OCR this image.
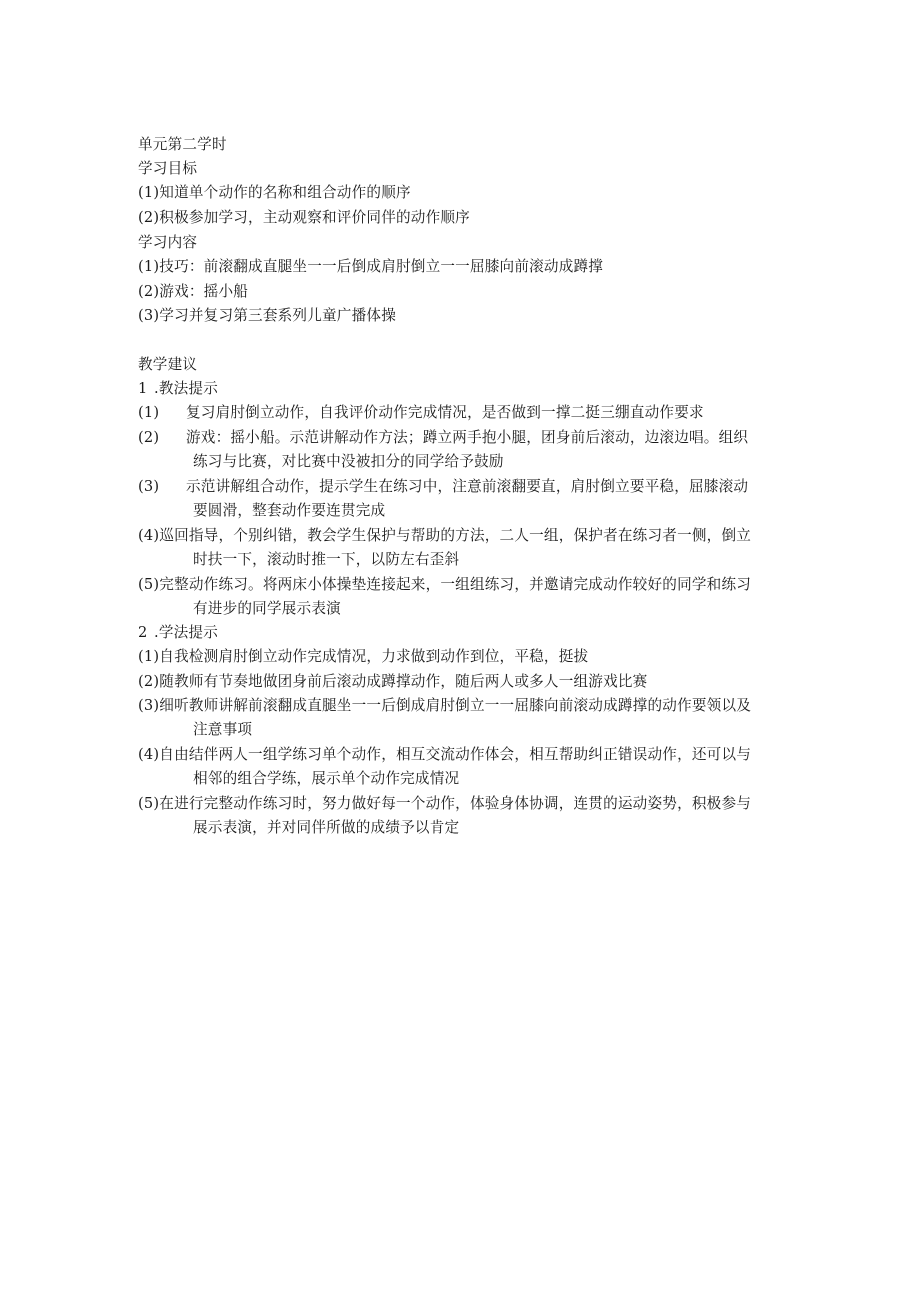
单元第二学时
学习目标
(1)知道单个动作的名称和组合动作的顺序
(2)积极参加学习，主动观察和评价同伴的动作顺序
学习内容
(1)技巧：前滚翻成直腿坐一一后倒成肩肘倒立一一屈膝向前滚动成蹲撑
(2)游戏：摇小船
(3)学习并复习第三套系列儿童广播体操
教学建议
1 .教法提示
(1) 复习肩肘倒立动作，自我评价动作完成情况，是否做到一撑二挺三绷直动作要求
(2) 游戏：摇小船。示范讲解动作方法；蹲立两手抱小腿，团身前后滚动，边滚边唱。组织
练习与比赛，对比赛中没被扣分的同学给予鼓励
(3) 示范讲解组合动作，提示学生在练习中，注意前滚翻要直，肩肘倒立要平稳，屈膝滚动
要圆滑，整套动作要连贯完成
(4)巡回指导，个别纠错，教会学生保护与帮助的方法，二人一组，保护者在练习者一侧，倒立
时扶一下，滚动时推一下，以防左右歪斜
(5)完整动作练习。将两床小体操垫连接起来，一组组练习，并邀请完成动作较好的同学和练习
有进步的同学展示表演
2 .学法提示
(1)自我检测肩肘倒立动作完成情况，力求做到动作到位，平稳，挺拔
(2)随教师有节奏地做团身前后滚动成蹲撑动作，随后两人或多人一组游戏比赛
(3)细听教师讲解前滚翻成直腿坐一一后倒成肩肘倒立一一屈膝向前滚动成蹲撑的动作要领以及
注意事项
(4)自由结伴两人一组学练习单个动作，相互交流动作体会，相互帮助纠正错误动作，还可以与
相邻的组合学练，展示单个动作完成情况
(5)在进行完整动作练习时，努力做好每一个动作，体验身体协调，连贯的运动姿势，积极参与
展示表演，并对同伴所做的成绩予以肯定
